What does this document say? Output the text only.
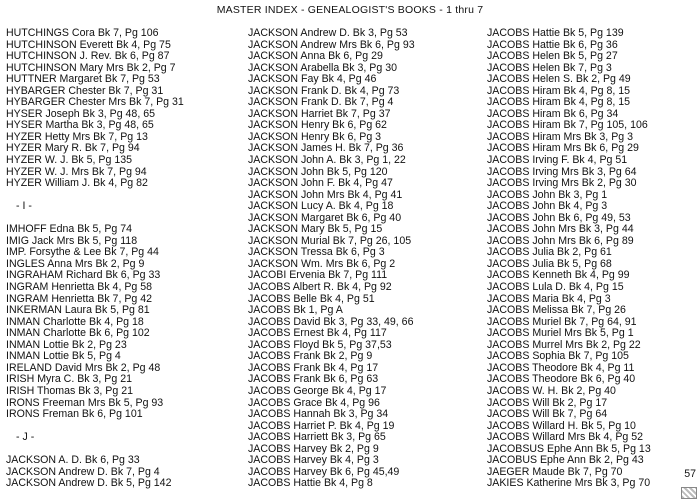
MASTER INDEX - GENEALOGIST'S BOOKS - 1 thru 7
HUTCHINGS Cora Bk 7, Pg 106
HUTCHINSON Everett Bk 4, Pg 75
HUTCHINSON J. Rev. Bk 6, Pg 87
HUTCHINSON Mary Mrs Bk 2, Pg 7
HUTTNER Margaret Bk 7, Pg 53
HYBARGER Chester Bk 7, Pg 31
HYBARGER Chester Mrs Bk 7, Pg 31
HYSER Joseph Bk 3, Pg 48, 65
HYSER Martha Bk 3, Pg 48, 65
HYZER Hetty Mrs Bk 7, Pg 13
HYZER Mary R. Bk 7, Pg 94
HYZER W. J. Bk 5, Pg 135
HYZER W. J. Mrs Bk 7, Pg 94
HYZER William J. Bk 4, Pg 82
- I -
IMHOFF Edna Bk 5, Pg 74
IMIG Jack Mrs Bk 5, Pg 118
IMP. Forsythe & Lee Bk 7, Pg 44
INGLES Anna Mrs Bk 2, Pg 9
INGRAHAM Richard Bk 6, Pg 33
INGRAM Henrietta Bk 4, Pg 58
INGRAM Henrietta Bk 7, Pg 42
INKERMAN Laura Bk 5, Pg 81
INMAN Charlotte Bk 4, Pg 18
INMAN Charlotte Bk 6, Pg 102
INMAN Lottie Bk 2, Pg 23
INMAN Lottie Bk 5, Pg 4
IRELAND David Mrs Bk 2, Pg 48
IRISH Myra C. Bk 3, Pg 21
IRISH Thomas Bk 3, Pg 21
IRONS Freeman Mrs Bk 5, Pg 93
IRONS Freman Bk 6, Pg 101
- J -
JACKSON A. D. Bk 6, Pg 33
JACKSON Andrew D. Bk 7, Pg 4
JACKSON Andrew D. Bk 5, Pg 142
JACKSON Andrew D. Bk 3, Pg 53
JACKSON Andrew Mrs Bk 6, Pg 93
JACKSON Anna Bk 6, Pg 29
JACKSON Arabella Bk 3, Pg 30
JACKSON Fay Bk 4, Pg 46
JACKSON Frank D. Bk 4, Pg 73
JACKSON Frank D. Bk 7, Pg 4
JACKSON Harriet Bk 7, Pg 37
JACKSON Henry Bk 6, Pg 62
JACKSON Henry Bk 6, Pg 3
JACKSON James H. Bk 7, Pg 36
JACKSON John A. Bk 3, Pg 1, 22
JACKSON John Bk 5, Pg 120
JACKSON John F. Bk 4, Pg 47
JACKSON John Mrs Bk 4, Pg 41
JACKSON Lucy A. Bk 4, Pg 18
JACKSON Margaret Bk 6, Pg 40
JACKSON Mary Bk 5, Pg 15
JACKSON Murial Bk 7, Pg 26, 105
JACKSON Tressa Bk 6, Pg 3
JACKSON Wm. Mrs Bk 6, Pg 2
JACOBI Ervenia Bk 7, Pg 111
JACOBS Albert R. Bk 4, Pg 92
JACOBS Belle Bk 4, Pg 51
JACOBS Bk 1, Pg A
JACOBS David Bk 3, Pg 33, 49, 66
JACOBS Ernest Bk 4, Pg 117
JACOBS Floyd Bk 5, Pg 37,53
JACOBS Frank Bk 2, Pg 9
JACOBS Frank Bk 4, Pg 17
JACOBS Frank Bk 6, Pg 63
JACOBS George Bk 4, Pg 17
JACOBS Grace Bk 4, Pg 96
JACOBS Hannah Bk 3, Pg 34
JACOBS Harriet P. Bk 4, Pg 19
JACOBS Harriett Bk 3, Pg 65
JACOBS Harvey Bk 2, Pg 9
JACOBS Harvey Bk 4, Pg 3
JACOBS Harvey Bk 6, Pg 45,49
JACOBS Hattie Bk 4, Pg 8
JACOBS Hattie Bk 5, Pg 139
JACOBS Hattie Bk 6, Pg 36
JACOBS Helen Bk 5, Pg 27
JACOBS Helen Bk 7, Pg 3
JACOBS Helen S. Bk 2, Pg 49
JACOBS Hiram Bk 4, Pg 8, 15
JACOBS Hiram Bk 4, Pg 8, 15
JACOBS Hiram Bk 6, Pg 34
JACOBS Hiram Bk 7, Pg 105, 106
JACOBS Hiram Mrs Bk 3, Pg 3
JACOBS Hiram Mrs Bk 6, Pg 29
JACOBS Irving F. Bk 4, Pg 51
JACOBS Irving Mrs Bk 3, Pg 64
JACOBS Irving Mrs Bk 2, Pg 30
JACOBS John Bk 3, Pg 1
JACOBS John Bk 4, Pg 3
JACOBS John Bk 6, Pg 49, 53
JACOBS John Mrs Bk 3, Pg 44
JACOBS John Mrs Bk 6, Pg 89
JACOBS Julia Bk 2, Pg 61
JACOBS Julia Bk 5, Pg 68
JACOBS Kenneth Bk 4, Pg 99
JACOBS Lula D. Bk 4, Pg 15
JACOBS Maria Bk 4, Pg 3
JACOBS Melissa Bk 7, Pg 26
JACOBS Muriel Bk 7, Pg 64, 91
JACOBS Muriel Mrs Bk 5, Pg 1
JACOBS Murrel Mrs Bk 2, Pg 22
JACOBS Sophia Bk 7, Pg 105
JACOBS Theodore Bk 4, Pg 11
JACOBS Theodore Bk 6, Pg 40
JACOBS W. H. Bk 2, Pg 40
JACOBS Will Bk 2, Pg 17
JACOBS Will Bk 7, Pg 64
JACOBS Willard H. Bk 5, Pg 10
JACOBS Willard Mrs Bk 4, Pg 52
JACOBSUS Ephe Ann Bk 5, Pg 13
JACOBUS Ephe Ann Bk 2, Pg 43
JAEGER Maude Bk 7, Pg 70
JAKIES Katherine Mrs Bk 3, Pg 70
57
